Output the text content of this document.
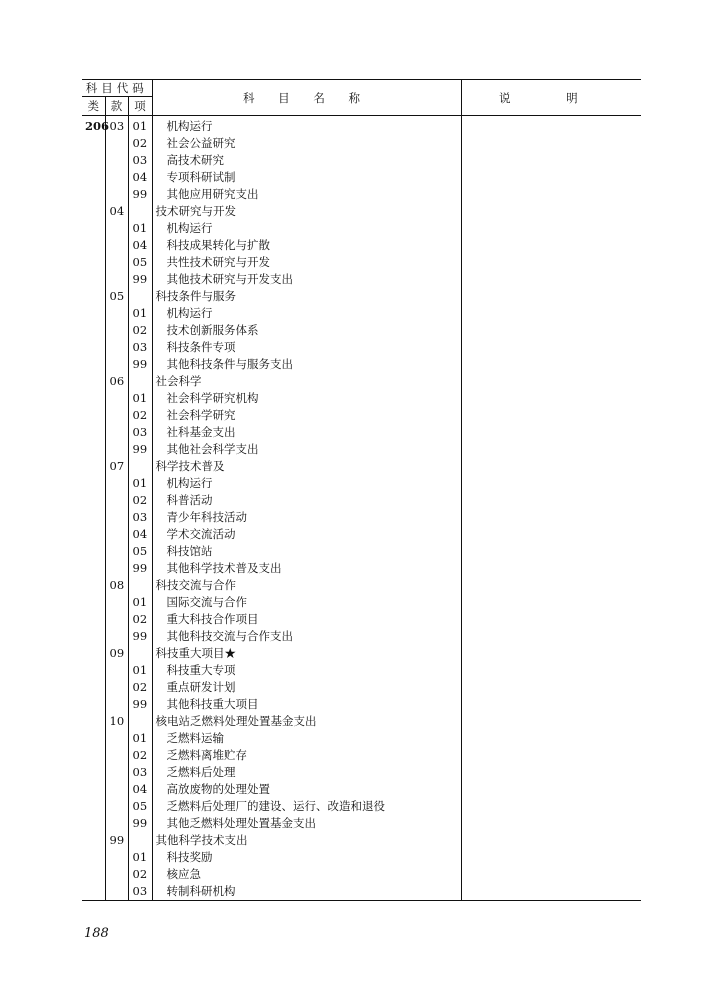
科目代码			科 目 名 称	说 明
类	款	项		
206	03	01	机构运行	
		02	社会公益研究	
		03	高技术研究	
		04	专项科研试制	
		99	其他应用研究支出	
	04		技术研究与开发	
		01	机构运行	
		04	科技成果转化与扩散	
		05	共性技术研究与开发	
		99	其他技术研究与开发支出	
	05		科技条件与服务	
		01	机构运行	
		02	技术创新服务体系	
		03	科技条件专项	
		99	其他科技条件与服务支出	
	06		社会科学	
		01	社会科学研究机构	
		02	社会科学研究	
		03	社科基金支出	
		99	其他社会科学支出	
	07		科学技术普及	
		01	机构运行	
		02	科普活动	
		03	青少年科技活动	
		04	学术交流活动	
		05	科技馆站	
		99	其他科学技术普及支出	
	08		科技交流与合作	
		01	国际交流与合作	
		02	重大科技合作项目	
		99	其他科技交流与合作支出	
	09		科技重大项目★	
		01	科技重大专项	
		02	重点研发计划	
		99	其他科技重大项目	
	10		核电站乏燃料处理处置基金支出	
		01	乏燃料运输	
		02	乏燃料离堆贮存	
		03	乏燃料后处理	
		04	高放废物的处理处置	
		05	乏燃料后处理厂的建设、运行、改造和退役	
		99	其他乏燃料处理处置基金支出	
	99		其他科学技术支出	
		01	科技奖励	
		02	核应急	
		03	转制科研机构	
188
